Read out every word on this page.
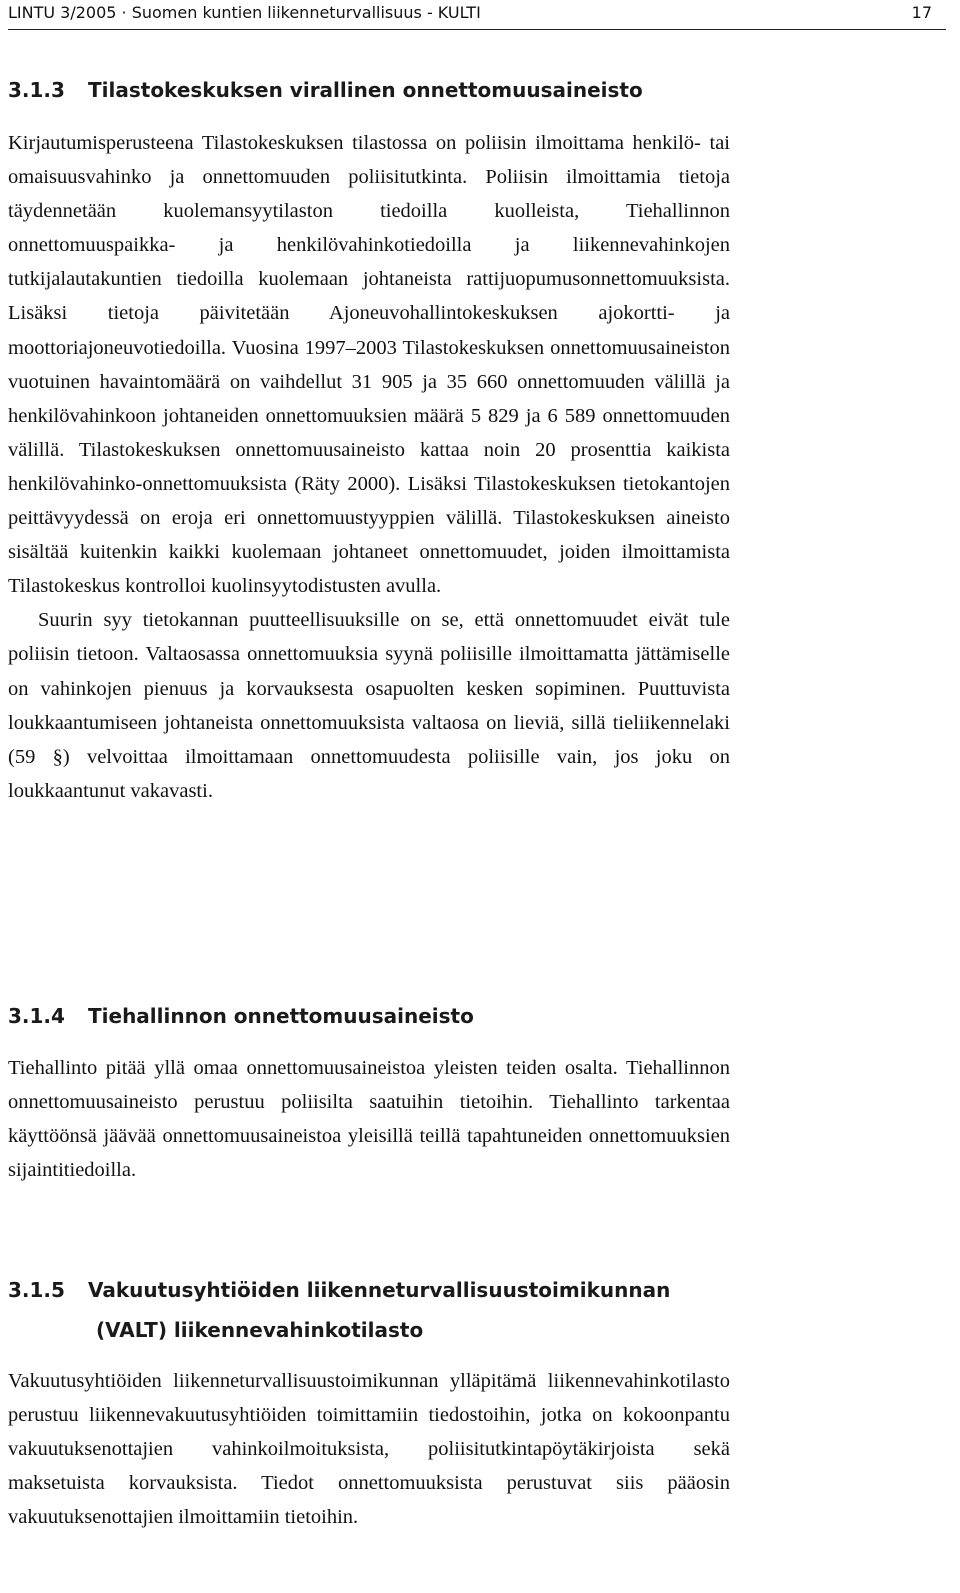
LINTU 3/2005 · Suomen kuntien liikenneturvallisuus - KULTI	17
3.1.3 Tilastokeskuksen virallinen onnettomuusaineisto

Kirjautumisperusteena Tilastokeskuksen tilastossa on poliisin ilmoittama henkilö- tai omaisuusvahinko ja onnettomuuden poliisitutkinta. Poliisin ilmoittamia tietoja täydennetään kuolemansyytilaston tiedoilla kuolleista, Tiehallinnon onnettomuuspaikka- ja henkilövahinkotiedoilla ja liikennevahinkojen tutkijalautakuntien tiedoilla kuolemaan johtaneista rattijuopumusonnettomuuksista. Lisäksi tietoja päivitetään Ajoneuvohallintokeskuksen ajokortti- ja moottoriajoneuvotiedoilla. Vuosina 1997–2003 Tilastokeskuksen onnettomuusaineiston vuotuinen havaintomäärä on vaihdellut 31 905 ja 35 660 onnettomuuden välillä ja henkilövahinkoon johtaneiden onnettomuuksien määrä 5 829 ja 6 589 onnettomuuden välillä. Tilastokeskuksen onnettomuusaineisto kattaa noin 20 prosenttia kaikista henkilövahinko-onnettomuuksista (Räty 2000). Lisäksi Tilastokeskuksen tietokantojen peittävyydessä on eroja eri onnettomuustyyppien välillä. Tilastokeskuksen aineisto sisältää kuitenkin kaikki kuolemaan johtaneet onnettomuudet, joiden ilmoittamista Tilastokeskus kontrolloi kuolinsyytodistusten avulla.

Suurin syy tietokannan puutteellisuuksille on se, että onnettomuudet eivät tule poliisin tietoon. Valtaosassa onnettomuuksia syynä poliisille ilmoittamatta jättämiselle on vahinkojen pienuus ja korvauksesta osapuolten kesken sopiminen. Puuttuvista loukkaantumiseen johtaneista onnettomuuksista valtaosa on lieviä, sillä tieliikennelaki (59 §) velvoittaa ilmoittamaan onnettomuudesta poliisille vain, jos joku on loukkaantunut vakavasti.

3.1.4 Tiehallinnon onnettomuusaineisto

Tiehallinto pitää yllä omaa onnettomuusaineistoa yleisten teiden osalta. Tiehallinnon onnettomuusaineisto perustuu poliisilta saatuihin tietoihin. Tiehallinto tarkentaa käyttöönsä jäävää onnettomuusaineistoa yleisillä teillä tapahtuneiden onnettomuuksien sijaintitiedoilla.

3.1.5 Vakuutusyhtiöiden liikenneturvallisuustoimikunnan
(VALT) liikennevahinkotilasto

Vakuutusyhtiöiden liikenneturvallisuustoimikunnan ylläpitämä liikennevahinkotilasto perustuu liikennevakuutusyhtiöiden toimittamiin tiedostoihin, jotka on kokoonpantu vakuutuksenottajien vahinkoilmoituksista, poliisitutkintapöytäkirjoista sekä maksetuista korvauksista. Tiedot onnettomuuksista perustuvat siis pääosin vakuutuksenottajien ilmoittamiin tietoihin.
